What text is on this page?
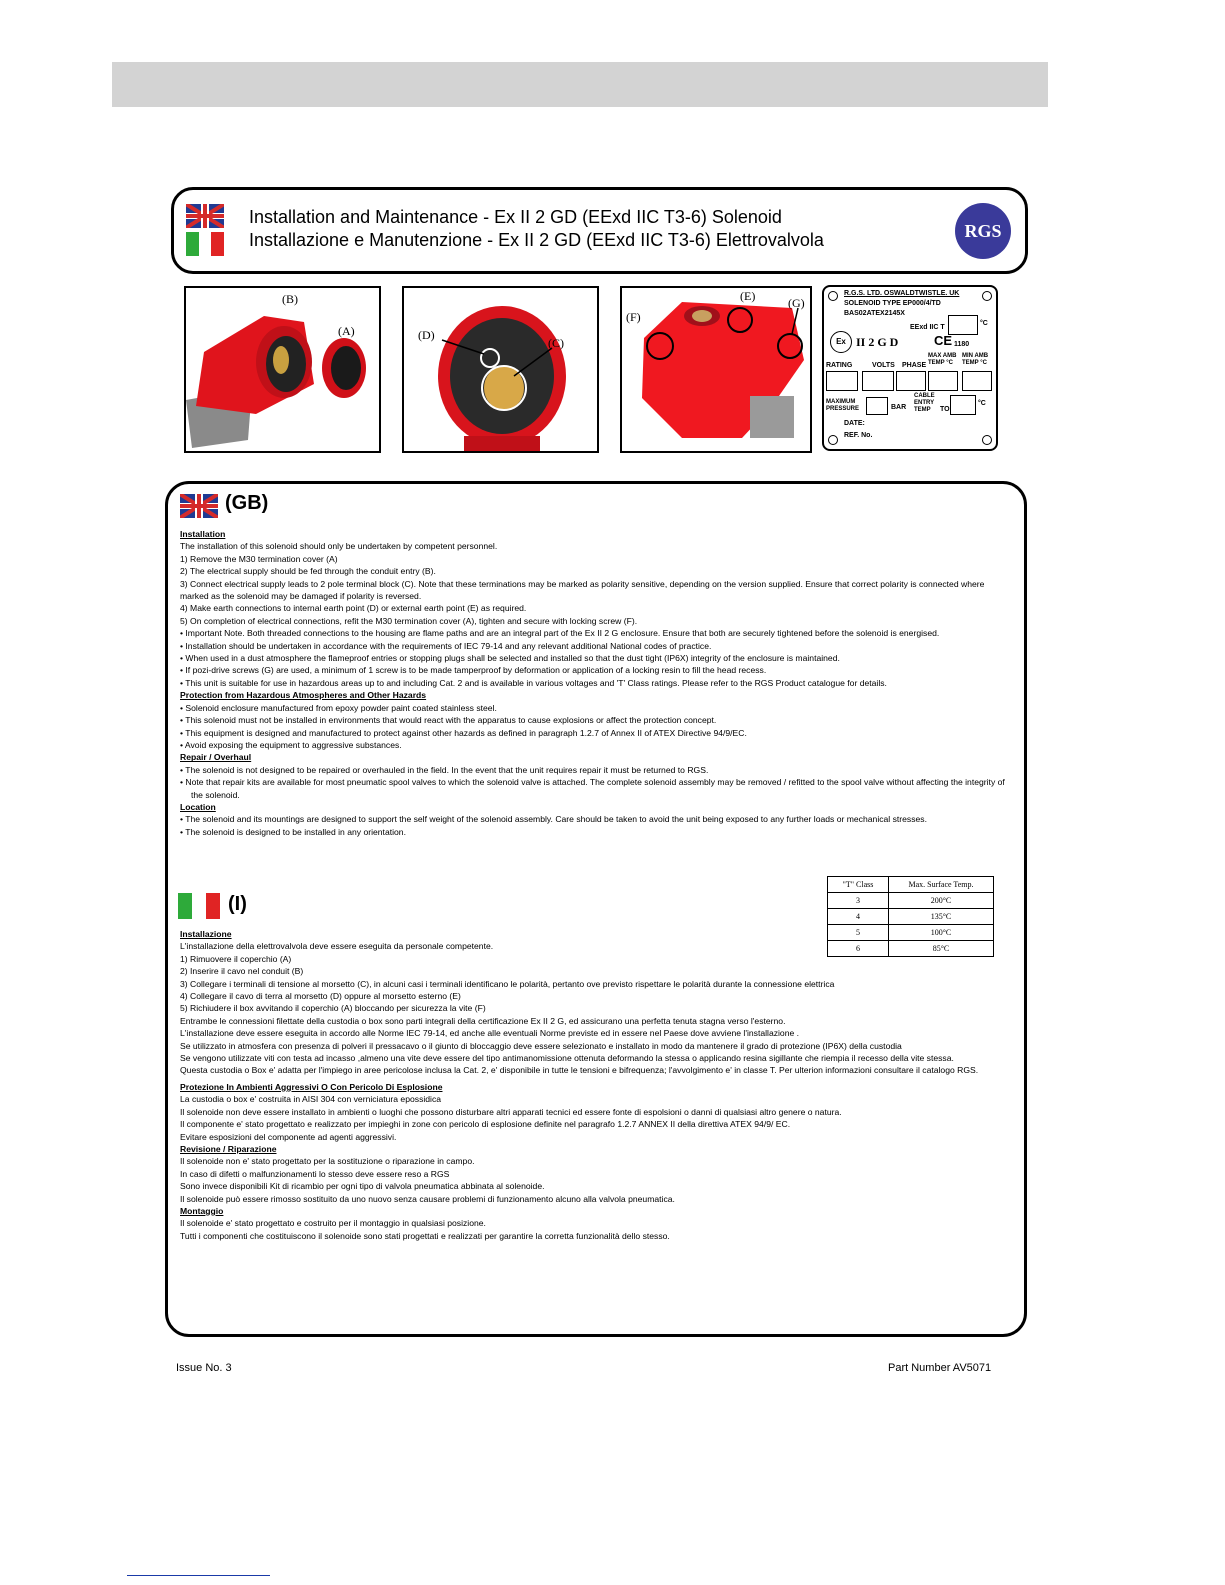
Installation and Maintenance - Ex II 2 GD (EExd IIC T3-6) Solenoid
Installazione e Manutenzione - Ex II 2 GD (EExd IIC T3-6) Elettrovalvola	RGS
(B)
(A)	(D)
(C)
(E)	(G)
(F)
R.G.S. LTD. OSWALDTWISTLE. UK
SOLENOID TYPE EP000/4/TD
BAS02ATEX2145X
EExd IIC T
°C
Ex II 2 G D	CE 1180
RATING	VOLTS PHASE
MAX AMB TEMP °C
MIN AMB TEMP °C
MAXIMUM PRESSURE	BAR
CABLE ENTRY TEMP	TO
°C
DATE:
REF. No.
(GB)

Installation

The installation of this solenoid should only be undertaken by competent personnel.

1) Remove the M30 termination cover (A)

2) The electrical supply should be fed through the conduit entry (B).

3) Connect electrical supply leads to 2 pole terminal block (C). Note that these terminations may be marked as polarity sensitive, depending on the version supplied. Ensure that correct polarity is connected where marked as the solenoid may be damaged if polarity is reversed.

4) Make earth connections to internal earth point (D) or external earth point (E) as required.

5) On completion of electrical connections, refit the M30 termination cover (A), tighten and secure with locking screw (F).

• Important Note. Both threaded connections to the housing are flame paths and are an integral part of the Ex II 2 G enclosure. Ensure that both are securely tightened before the solenoid is energised.

• Installation should be undertaken in accordance with the requirements of IEC 79-14 and any relevant additional National codes of practice.

• When used in a dust atmosphere the flameproof entries or stopping plugs shall be selected and installed so that the dust tight (IP6X) integrity of the enclosure is maintained.

• If pozi-drive screws (G) are used, a minimum of 1 screw is to be made tamperproof by deformation or application of a locking resin to fill the head recess.

• This unit is suitable for use in hazardous areas up to and including Cat. 2 and is available in various voltages and 'T' Class ratings. Please refer to the RGS Product catalogue for details.

Protection from Hazardous Atmospheres and Other Hazards

• Solenoid enclosure manufactured from epoxy powder paint coated stainless steel.

• This solenoid must not be installed in environments that would react with the apparatus to cause explosions or affect the protection concept.

• This equipment is designed and manufactured to protect against other hazards as defined in paragraph 1.2.7 of Annex II of ATEX Directive 94/9/EC.

• Avoid exposing the equipment to aggressive substances.

Repair / Overhaul

• The solenoid is not designed to be repaired or overhauled in the field. In the event that the unit requires repair it must be returned to RGS.

• Note that repair kits are available for most pneumatic spool valves to which the solenoid valve is attached. The complete solenoid assembly may be removed / refitted to the spool valve without affecting the integrity of the solenoid.

Location

• The solenoid and its mountings are designed to support the self weight of the solenoid assembly. Care should be taken to avoid the unit being exposed to any further loads or mechanical stresses.

• The solenoid is designed to be installed in any orientation.

"T" Class	Max. Surface Temp.
3	200°C
4	135°C
5	100°C
6	85°C
(I)

Installazione

L'installazione della elettrovalvola deve essere eseguita da personale competente.

1) Rimuovere il coperchio (A)

2) Inserire il cavo nel conduit (B)

3) Collegare i terminali di tensione al morsetto (C), in alcuni casi i terminali identificano le polarità, pertanto ove previsto rispettare le polarità durante la connessione elettrica

4) Collegare il cavo di terra al morsetto (D) oppure al morsetto esterno (E)

5) Richiudere il box avvitando il coperchio (A) bloccando per sicurezza la vite (F)

Entrambe le connessioni filettate della custodia o box sono parti integrali della certificazione Ex II 2 G, ed assicurano una perfetta tenuta stagna verso l'esterno.

L'installazione deve essere eseguita in accordo alle Norme IEC 79-14, ed anche alle eventuali Norme previste ed in essere nel Paese dove avviene l'installazione .

Se utilizzato in atmosfera con presenza di polveri il pressacavo o il giunto di bloccaggio deve essere selezionato e installato in modo da mantenere il grado di protezione (IP6X) della custodia

Se vengono utilizzate viti con testa ad incasso ,almeno una vite deve essere del tipo antimanomissione ottenuta deformando la stessa o applicando resina sigillante che riempia il recesso della vite stessa.

Questa custodia o Box e' adatta per l'impiego in aree pericolose inclusa la Cat. 2, e' disponibile in tutte le tensioni e bifrequenza; l'avvolgimento e' in classe T. Per ulterion informazioni consultare il catalogo RGS.

Protezione In Ambienti Aggressivi O Con Pericolo Di Esplosione

La custodia o box e' costruita in AISI 304 con verniciatura epossidica

Il solenoide non deve essere installato in ambienti o luoghi che possono disturbare altri apparati tecnici ed essere fonte di espolsioni o danni di qualsiasi altro genere o natura.

Il componente e' stato progettato e realizzato per impieghi in zone con pericolo di esplosione definite nel paragrafo 1.2.7 ANNEX II della direttiva ATEX 94/9/ EC.

Evitare esposizioni del componente ad agenti aggressivi.

Revisione / Riparazione

Il solenoide non e' stato progettato per la sostituzione o riparazione in campo.

In caso di difetti o malfunzionamenti lo stesso deve essere reso a RGS

Sono invece disponibili Kit di ricambio per ogni tipo di valvola pneumatica abbinata al solenoide.

Il solenoide può essere rimosso sostituito da uno nuovo senza causare problemi di funzionamento alcuno alla valvola pneumatica.

Montaggio

Il solenoide e' stato progettato e costruito per il montaggio in qualsiasi posizione.

Tutti i componenti che costituiscono il solenoide sono stati progettati e realizzati per garantire la corretta funzionalità dello stesso.

Issue No. 3	Part Number AV5071
